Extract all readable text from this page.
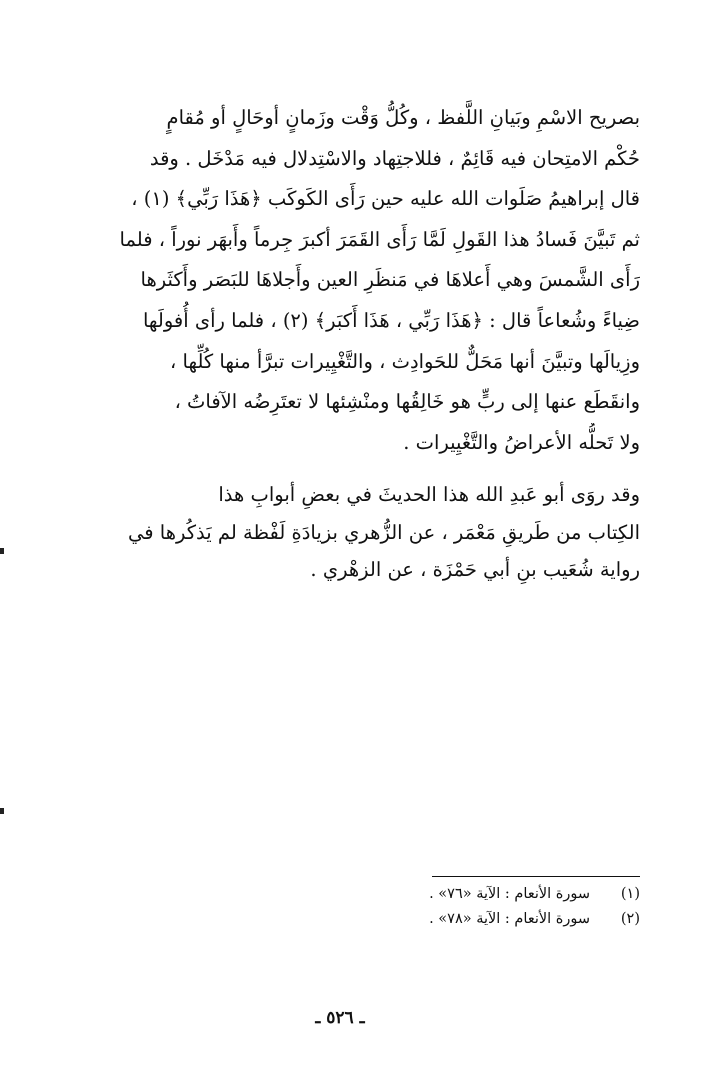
بصريح الاسْمِ وبَيانِ اللَّفظ ، وكُلُّ وَقْت وزَمانٍ أوحَالٍ أو مُقامٍ
حُكْم الامتِحان فيه قَائِمٌ ، فللاجتِهاد والاسْتِدلال فيه مَدْخَل . وقد
قال إبراهيمُ صَلَوات الله عليه حين رَأَى الكَوكَب ﴿هَذَا رَبِّي﴾ (١) ،
ثم تَبيَّنَ فَسادُ هذا القَولِ لَمَّا رَأَى القَمَرَ أكبرَ جِرماً وأَبهَر نوراً ، فلما
رَأَى الشَّمسَ وهي أَعلاهَا في مَنظَرِ العين وأَجلاهَا للبَصَر وأَكثَرها
ضِياءً وشُعاعاً قال : ﴿هَذَا رَبِّي ، هَذَا أَكبَر﴾ (٢) ، فلما رأى أُفولَها
وزِيالَها وتبيَّنَ أنها مَحَلٌّ للحَوادِث ، والتَّغْيِيرات تبرَّأ منها كُلِّها ،
وانقَطَع عنها إلى ربٍّ هو خَالِقُها ومنْشِئها لا تعتَرِضُه الآفاتُ ،
ولا تَحلُّه الأعراضُ والتَّغْيِيرات .
وقد روَى أبو عَبدِ الله هذا الحديثَ في بعضِ أبوابِ هذا
الكِتاب من طَريقِ مَعْمَر ، عن الزُّهري بزيادَةِ لَفْظة لم يَذكُرها في
رواية شُعَيب بنِ أبي حَمْزَة ، عن الزهْري .
(١)
سورة الأنعام : الآية «٧٦» .
(٢)
سورة الأنعام : الآية «٧٨» .
ـ ٥٢٦ ـ
